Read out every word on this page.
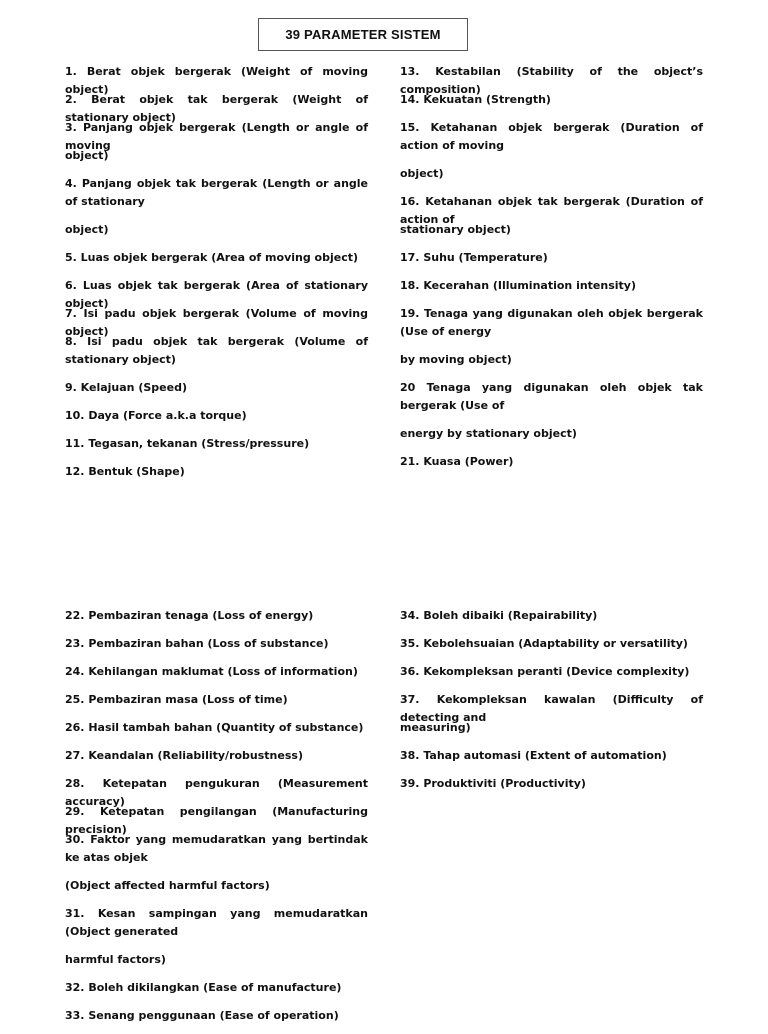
39 PARAMETER SISTEM

1. Berat objek bergerak (Weight of moving object)

2. Berat objek tak bergerak (Weight of stationary object)

3. Panjang objek bergerak (Length or angle of moving

object)

4. Panjang objek tak bergerak (Length or angle of stationary

object)

5. Luas objek bergerak (Area of moving object)

6. Luas objek tak bergerak (Area of stationary object)

7. Isi padu objek bergerak (Volume of moving object)

8. Isi padu objek tak bergerak (Volume of stationary object)

9. Kelajuan (Speed)

10. Daya (Force a.k.a torque)

11. Tegasan, tekanan (Stress/pressure)

12. Bentuk (Shape)

13. Kestabilan (Stability of the object’s composition)

14. Kekuatan (Strength)

15. Ketahanan objek bergerak (Duration of action of moving

object)

16. Ketahanan objek tak bergerak (Duration of action of

stationary object)

17. Suhu (Temperature)

18. Kecerahan (Illumination intensity)

19. Tenaga yang digunakan oleh objek bergerak (Use of energy

by moving object)

20 Tenaga yang digunakan oleh objek tak bergerak (Use of

energy by stationary object)

21. Kuasa (Power)

22. Pembaziran tenaga (Loss of energy)

23. Pembaziran bahan (Loss of substance)

24. Kehilangan maklumat (Loss of information)

25. Pembaziran masa (Loss of time)

26. Hasil tambah bahan (Quantity of substance)

27. Keandalan (Reliability/robustness)

28. Ketepatan pengukuran (Measurement accuracy)

29. Ketepatan pengilangan (Manufacturing precision)

30. Faktor yang memudaratkan yang bertindak ke atas objek

(Object affected harmful factors)

31. Kesan sampingan yang memudaratkan (Object generated

harmful factors)

32. Boleh dikilangkan (Ease of manufacture)

33. Senang penggunaan (Ease of operation)

34. Boleh dibaiki (Repairability)

35. Kebolehsuaian (Adaptability or versatility)

36. Kekompleksan peranti (Device complexity)

37. Kekompleksan kawalan (Difficulty of detecting and

measuring)

38. Tahap automasi (Extent of automation)

39. Produktiviti (Productivity)
